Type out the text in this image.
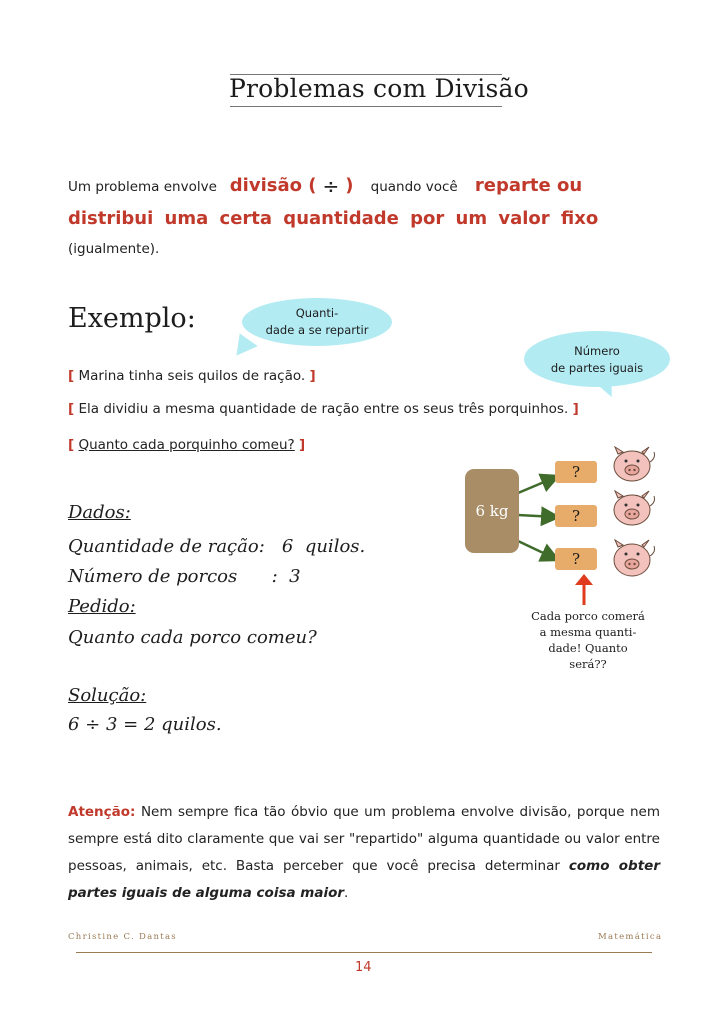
Problemas com Divisão
Um problema envolve divisão ( ÷ ) quando você reparte ou
distribui uma certa quantidade por um valor fixo
(igualmente).
Exemplo:	Quanti-
dade a se repartir
Número
de partes iguais
[ Marina tinha seis quilos de ração. ]
[ Ela dividiu a mesma quantidade de ração entre os seus três porquinhos. ]
[ Quanto cada porquinho comeu? ]
Dados:
Quantidade de ração:   6  quilos.
Número de porcos      :  3
Pedido:
Quanto cada porco comeu?
Solução:
6 ÷ 3 = 2 quilos.
6 kg
?
?
?
Cada porco comerá
a mesma quanti-
dade! Quanto
será??
Atenção: Nem sempre fica tão óbvio que um problema envolve divisão, porque nem sempre está dito claramente que vai ser "repartido" alguma quantidade ou valor entre pessoas, animais, etc. Basta perceber que você precisa determinar como obter partes iguais de alguma coisa maior.
Christine C. Dantas	Matemática
14
